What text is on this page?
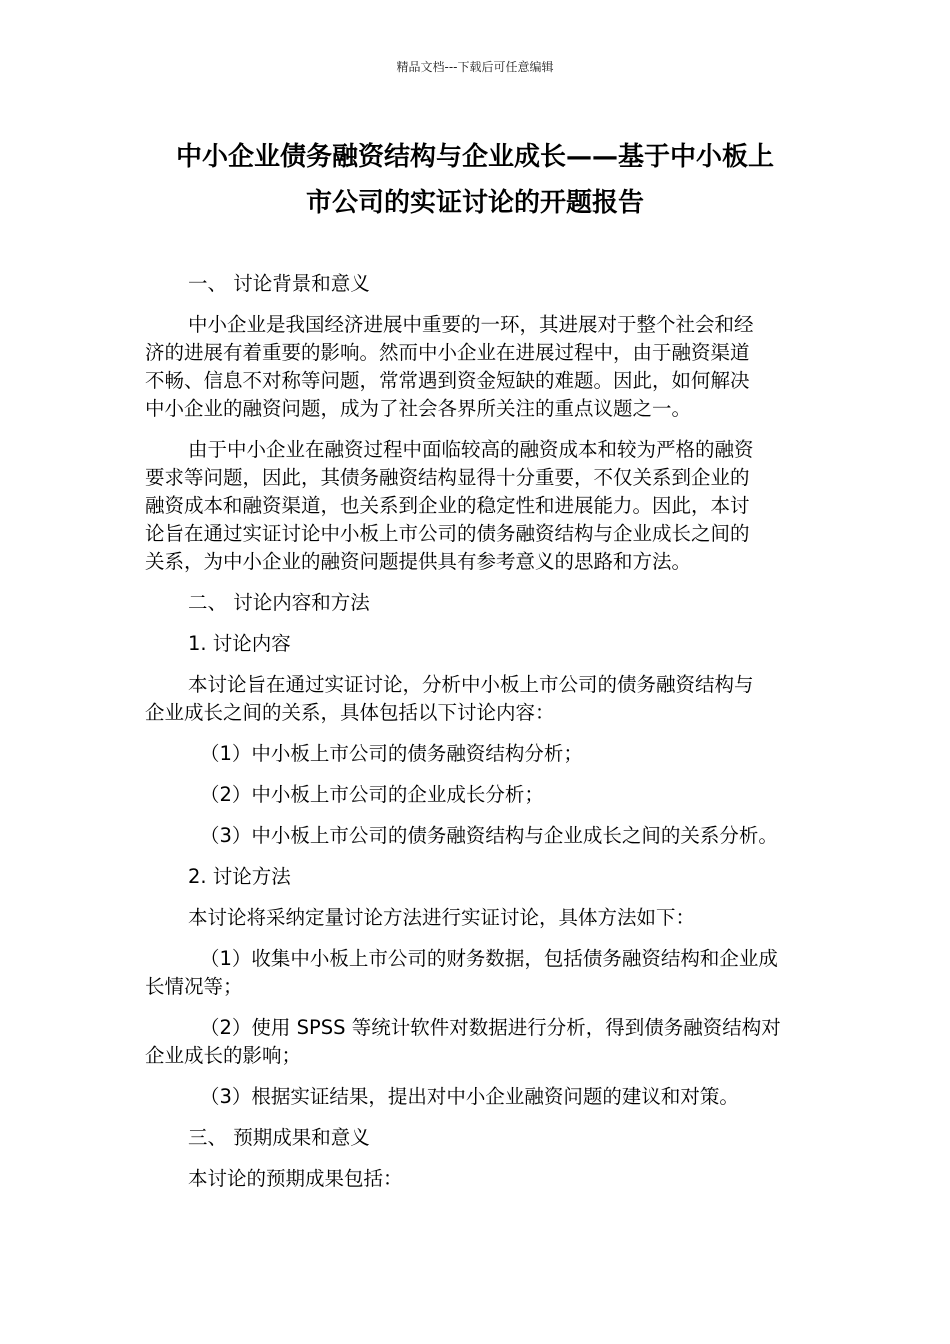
精品文档---下载后可任意编辑
中小企业债务融资结构与企业成长——基于中小板上
市公司的实证讨论的开题报告
一、 讨论背景和意义

中小企业是我国经济进展中重要的一环，其进展对于整个社会和经
济的进展有着重要的影响。然而中小企业在进展过程中，由于融资渠道
不畅、信息不对称等问题，常常遇到资金短缺的难题。因此，如何解决
中小企业的融资问题，成为了社会各界所关注的重点议题之一。

由于中小企业在融资过程中面临较高的融资成本和较为严格的融资
要求等问题，因此，其债务融资结构显得十分重要，不仅关系到企业的
融资成本和融资渠道，也关系到企业的稳定性和进展能力。因此，本讨
论旨在通过实证讨论中小板上市公司的债务融资结构与企业成长之间的
关系，为中小企业的融资问题提供具有参考意义的思路和方法。

二、 讨论内容和方法
1. 讨论内容

本讨论旨在通过实证讨论，分析中小板上市公司的债务融资结构与
企业成长之间的关系，具体包括以下讨论内容：

（1）中小板上市公司的债务融资结构分析；

（2）中小板上市公司的企业成长分析；

（3）中小板上市公司的债务融资结构与企业成长之间的关系分析。

2. 讨论方法

本讨论将采纳定量讨论方法进行实证讨论，具体方法如下：

（1）收集中小板上市公司的财务数据，包括债务融资结构和企业成
长情况等；

（2）使用 SPSS 等统计软件对数据进行分析，得到债务融资结构对
企业成长的影响；

（3）根据实证结果，提出对中小企业融资问题的建议和对策。

三、 预期成果和意义

本讨论的预期成果包括：
